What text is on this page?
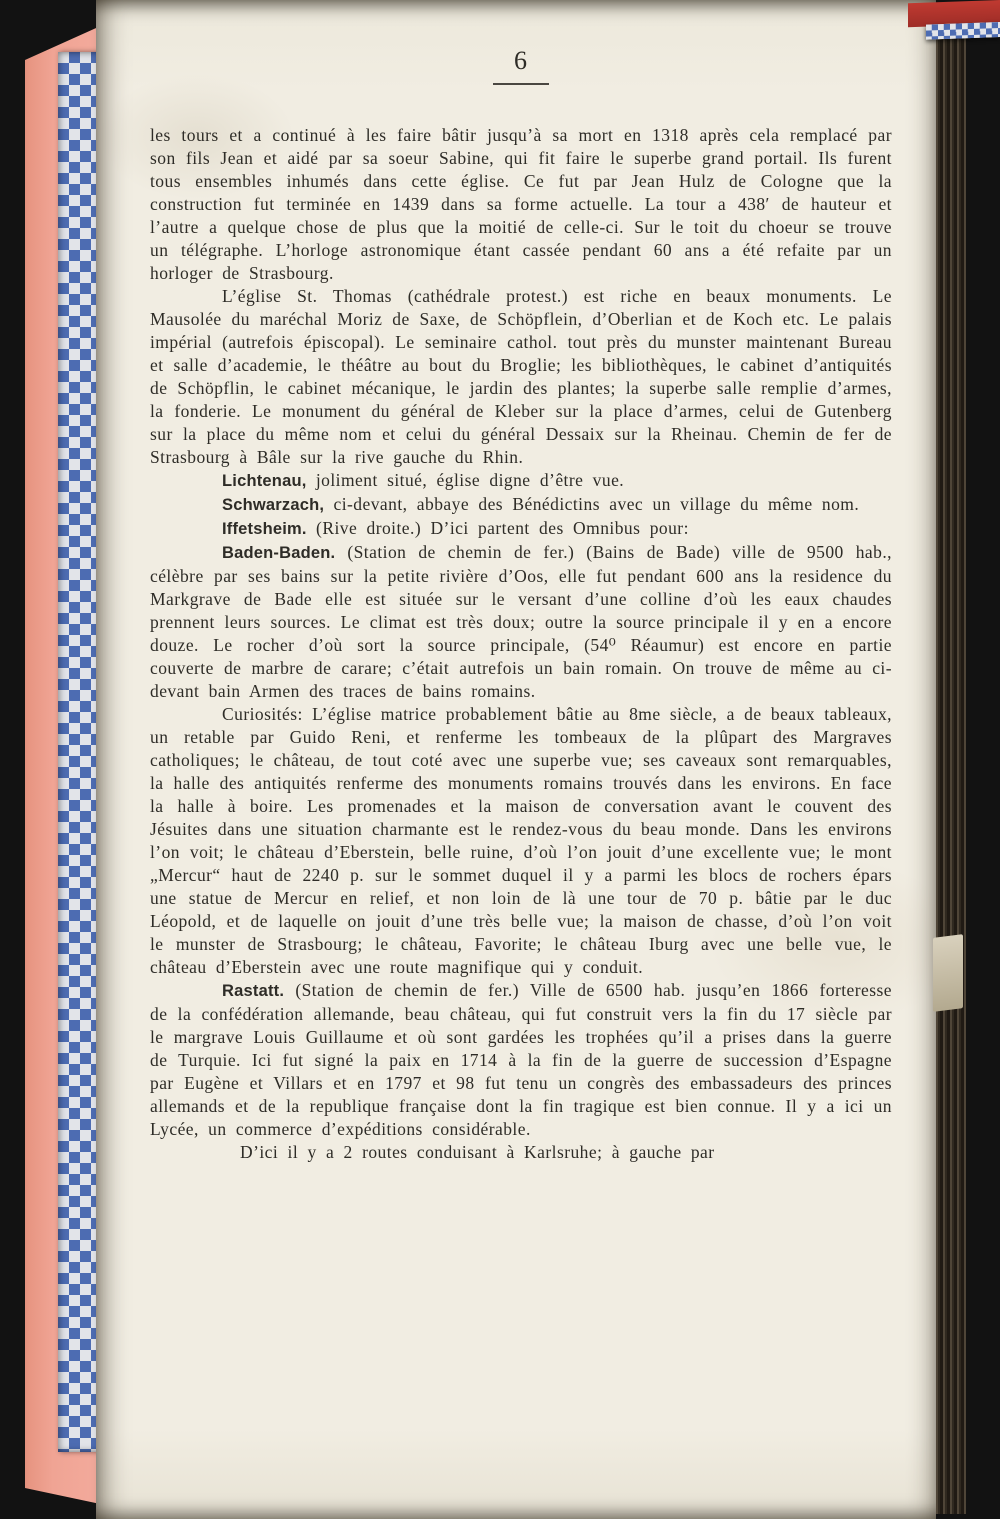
6

les tours et a continué à les faire bâtir jusqu’à sa mort en 1318 après cela remplacé par son fils Jean et aidé par sa soeur Sabine, qui fit faire le superbe grand portail. Ils furent tous ensembles inhumés dans cette église. Ce fut par Jean Hulz de Cologne que la construction fut terminée en 1439 dans sa forme actuelle. La tour a 438′ de hauteur et l’autre a quelque chose de plus que la moitié de celle-ci. Sur le toit du choeur se trouve un télégraphe. L’horloge astronomique étant cassée pendant 60 ans a été refaite par un horloger de Strasbourg.

L’église St. Thomas (cathédrale protest.) est riche en beaux monuments. Le Mausolée du maréchal Moriz de Saxe, de Schöpflein, d’Oberlian et de Koch etc. Le palais impérial (autrefois épiscopal). Le seminaire cathol. tout près du munster maintenant Bureau et salle d’academie, le théâtre au bout du Broglie; les bibliothèques, le cabinet d’antiquités de Schöpflin, le cabinet mécanique, le jardin des plantes; la superbe salle remplie d’armes, la fonderie. Le monument du général de Kleber sur la place d’armes, celui de Gutenberg sur la place du même nom et celui du général Dessaix sur la Rheinau. Chemin de fer de Strasbourg à Bâle sur la rive gauche du Rhin.

Lichtenau, joliment situé, église digne d’être vue.

Schwarzach, ci-devant, abbaye des Bénédictins avec un village du même nom.

Iffetsheim. (Rive droite.) D’ici partent des Omnibus pour:

Baden-Baden. (Station de chemin de fer.) (Bains de Bade) ville de 9500 hab., célèbre par ses bains sur la petite rivière d’Oos, elle fut pendant 600 ans la residence du Markgrave de Bade elle est située sur le versant d’une colline d’où les eaux chaudes prennent leurs sources. Le climat est très doux; outre la source principale il y en a encore douze. Le rocher d’où sort la source principale, (54⁰ Réaumur) est encore en partie couverte de marbre de carare; c’était autrefois un bain romain. On trouve de même au ci-devant bain Armen des traces de bains romains.

Curiosités: L’église matrice probablement bâtie au 8me siècle, a de beaux tableaux, un retable par Guido Reni, et renferme les tombeaux de la plûpart des Margraves catholiques; le château, de tout coté avec une superbe vue; ses caveaux sont remarquables, la halle des antiquités renferme des monuments romains trouvés dans les environs. En face la halle à boire. Les promenades et la maison de conversation avant le couvent des Jésuites dans une situation charmante est le rendez-vous du beau monde. Dans les environs l’on voit; le château d’Eberstein, belle ruine, d’où l’on jouit d’une excellente vue; le mont „Mercur“ haut de 2240 p. sur le sommet duquel il y a parmi les blocs de rochers épars une statue de Mercur en relief, et non loin de là une tour de 70 p. bâtie par le duc Léopold, et de laquelle on jouit d’une très belle vue; la maison de chasse, d’où l’on voit le munster de Strasbourg; le château, Favorite; le château Iburg avec une belle vue, le château d’Eberstein avec une route magnifique qui y conduit.

Rastatt. (Station de chemin de fer.) Ville de 6500 hab. jusqu’en 1866 forteresse de la confédération allemande, beau château, qui fut construit vers la fin du 17 siècle par le margrave Louis Guillaume et où sont gardées les trophées qu’il a prises dans la guerre de Turquie. Ici fut signé la paix en 1714 à la fin de la guerre de succession d’Espagne par Eugène et Villars et en 1797 et 98 fut tenu un congrès des embassadeurs des princes allemands et de la republique française dont la fin tragique est bien connue. Il y a ici un Lycée, un commerce d’expéditions considérable.

D’ici il y a 2 routes conduisant à Karlsruhe; à gauche par
